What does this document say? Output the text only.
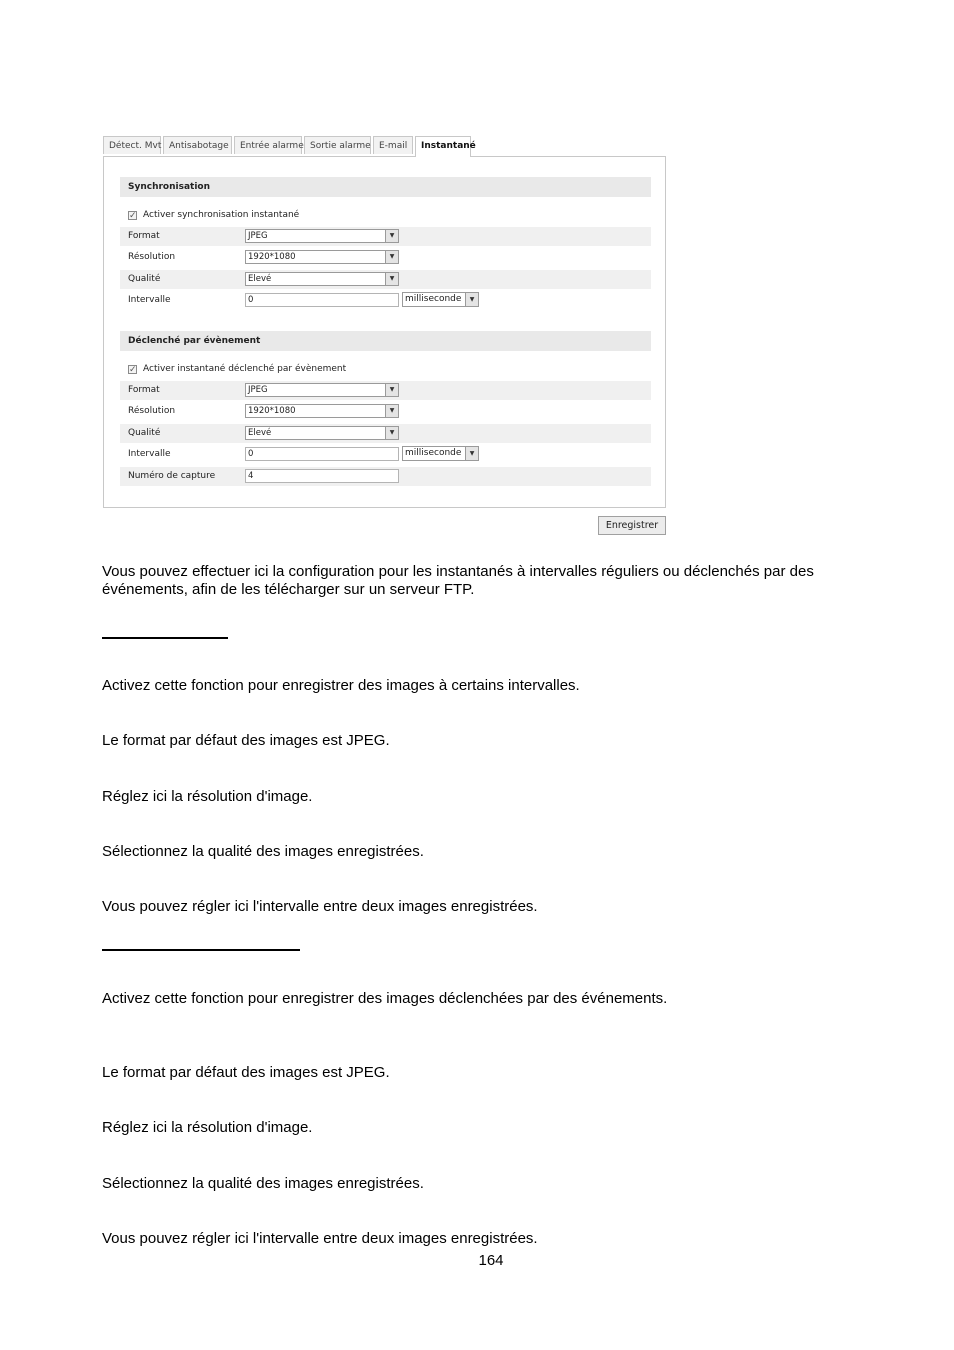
Détect. Mvt Antisabotage	Entrée alarme Sortie alarme E-mail	Instantané
Synchronisation
✓
Activer synchronisation instantané
Format	JPEG	▼
Résolution	1920*1080	▼
Qualité	Elevé	▼
Intervalle	0	milliseconde	▼
Déclenché par évènement
✓
Activer instantané déclenché par évènement
Format	JPEG	▼
Résolution	1920*1080	▼
Qualité	Elevé	▼
Intervalle	0	milliseconde	▼
Numéro de capture	4
Enregistrer

Vous pouvez effectuer ici la configuration pour les instantanés à intervalles réguliers ou déclenchés par des événements, afin de les télécharger sur un serveur FTP.

Activez cette fonction pour enregistrer des images à certains intervalles.

Le format par défaut des images est JPEG.

Réglez ici la résolution d'image.

Sélectionnez la qualité des images enregistrées.

Vous pouvez régler ici l'intervalle entre deux images enregistrées.

Activez cette fonction pour enregistrer des images déclenchées par des événements.

Le format par défaut des images est JPEG.

Réglez ici la résolution d'image.

Sélectionnez la qualité des images enregistrées.

Vous pouvez régler ici l'intervalle entre deux images enregistrées.

164
